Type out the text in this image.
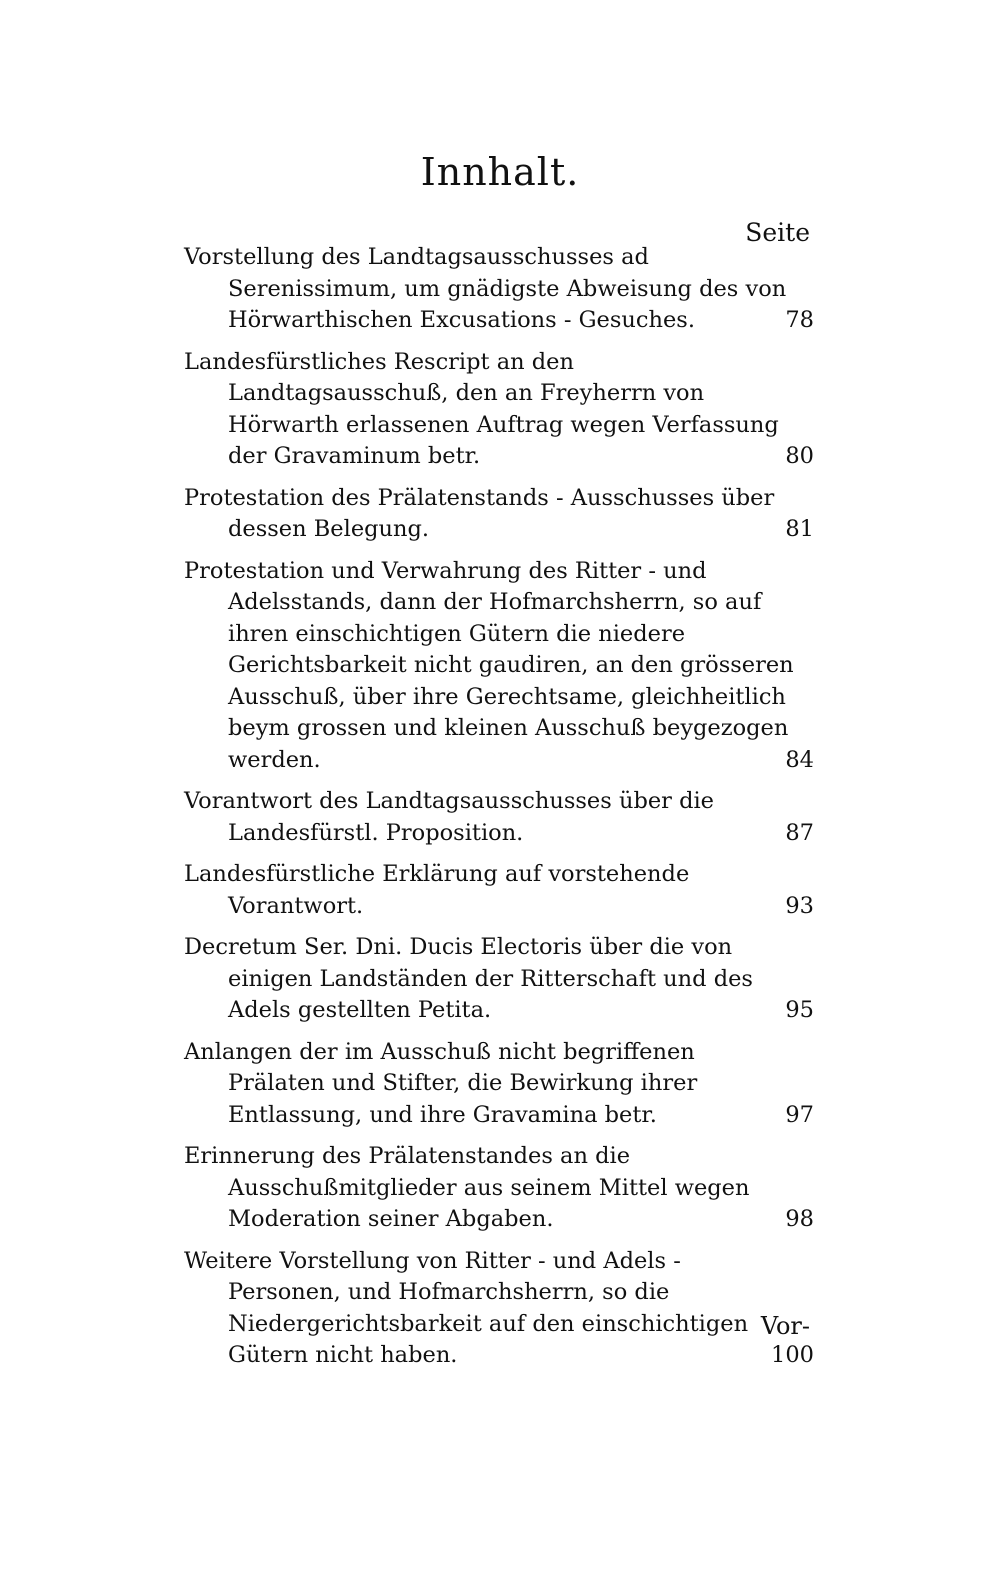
Innhalt.
Seite
Vorstellung des Landtagsausschusses ad Serenissimum, um gnädigste Abweisung des von Hörwarthischen Excusations - Gesuches.	78
Landesfürstliches Rescript an den Landtagsausschuß, den an Freyherrn von Hörwarth erlassenen Auftrag wegen Verfassung der Gravaminum betr.	80
Protestation des Prälatenstands - Ausschusses über dessen Belegung.	81
Protestation und Verwahrung des Ritter - und Adelsstands, dann der Hofmarchsherrn, so auf ihren einschichtigen Gütern die niedere Gerichtsbarkeit nicht gaudiren, an den grösseren Ausschuß, über ihre Gerechtsame, gleichheitlich beym grossen und kleinen Ausschuß beygezogen werden.	84
Vorantwort des Landtagsausschusses über die Landesfürstl. Proposition.	87
Landesfürstliche Erklärung auf vorstehende Vorantwort.	93
Decretum Ser. Dni. Ducis Electoris über die von einigen Landständen der Ritterschaft und des Adels gestellten Petita.	95
Anlangen der im Ausschuß nicht begriffenen Prälaten und Stifter, die Bewirkung ihrer Entlassung, und ihre Gravamina betr.	97
Erinnerung des Prälatenstandes an die Ausschußmitglieder aus seinem Mittel wegen Moderation seiner Abgaben.	98
Weitere Vorstellung von Ritter - und Adels - Personen, und Hofmarchsherrn, so die Niedergerichtsbarkeit auf den einschichtigen Gütern nicht haben.	100
Vor-
